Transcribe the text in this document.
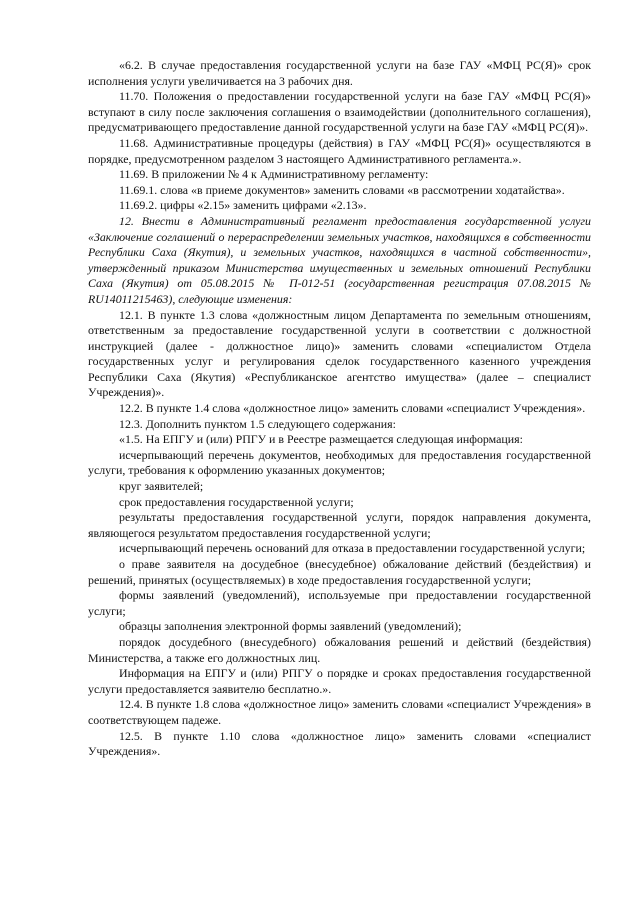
«6.2. В случае предоставления государственной услуги на базе ГАУ «МФЦ РС(Я)» срок исполнения услуги увеличивается на 3 рабочих дня.

11.70. Положения о предоставлении государственной услуги на базе ГАУ «МФЦ РС(Я)» вступают в силу после заключения соглашения о взаимодействии (дополнительного соглашения), предусматривающего предоставление данной государственной услуги на базе ГАУ «МФЦ РС(Я)».

11.68. Административные процедуры (действия) в ГАУ «МФЦ РС(Я)» осуществляются в порядке, предусмотренном разделом 3 настоящего Административного регламента.».

11.69. В приложении № 4 к Административному регламенту:

11.69.1. слова «в приеме документов» заменить словами «в рассмотрении ходатайства».

11.69.2. цифры «2.15» заменить цифрами «2.13».

12. Внести в Административный регламент предоставления государственной услуги «Заключение соглашений о перераспределении земельных участков, находящихся в собственности Республики Саха (Якутия), и земельных участков, находящихся в частной собственности», утвержденный приказом Министерства имущественных и земельных отношений Республики Саха (Якутия) от 05.08.2015 № П-012-51 (государственная регистрация 07.08.2015 № RU14011215463), следующие изменения:

12.1. В пункте 1.3 слова «должностным лицом Департамента по земельным отношениям, ответственным за предоставление государственной услуги в соответствии с должностной инструкцией (далее - должностное лицо)» заменить словами «специалистом Отдела государственных услуг и регулирования сделок государственного казенного учреждения Республики Саха (Якутия) «Республиканское агентство имущества» (далее – специалист Учреждения)».

12.2. В пункте 1.4 слова «должностное лицо» заменить словами «специалист Учреждения».

12.3. Дополнить пунктом 1.5 следующего содержания:

«1.5. На ЕПГУ и (или) РПГУ и в Реестре размещается следующая информация:

исчерпывающий перечень документов, необходимых для предоставления государственной услуги, требования к оформлению указанных документов;

круг заявителей;

срок предоставления государственной услуги;

результаты предоставления государственной услуги, порядок направления документа, являющегося результатом предоставления государственной услуги;

исчерпывающий перечень оснований для отказа в предоставлении государственной услуги;

о праве заявителя на досудебное (внесудебное) обжалование действий (бездействия) и решений, принятых (осуществляемых) в ходе предоставления государственной услуги;

формы заявлений (уведомлений), используемые при предоставлении государственной услуги;

образцы заполнения электронной формы заявлений (уведомлений);

порядок досудебного (внесудебного) обжалования решений и действий (бездействия) Министерства, а также его должностных лиц.

Информация на ЕПГУ и (или) РПГУ о порядке и сроках предоставления государственной услуги предоставляется заявителю бесплатно.».

12.4. В пункте 1.8 слова «должностное лицо» заменить словами «специалист Учреждения» в соответствующем падеже.

12.5. В пункте 1.10 слова «должностное лицо» заменить словами «специалист Учреждения».
